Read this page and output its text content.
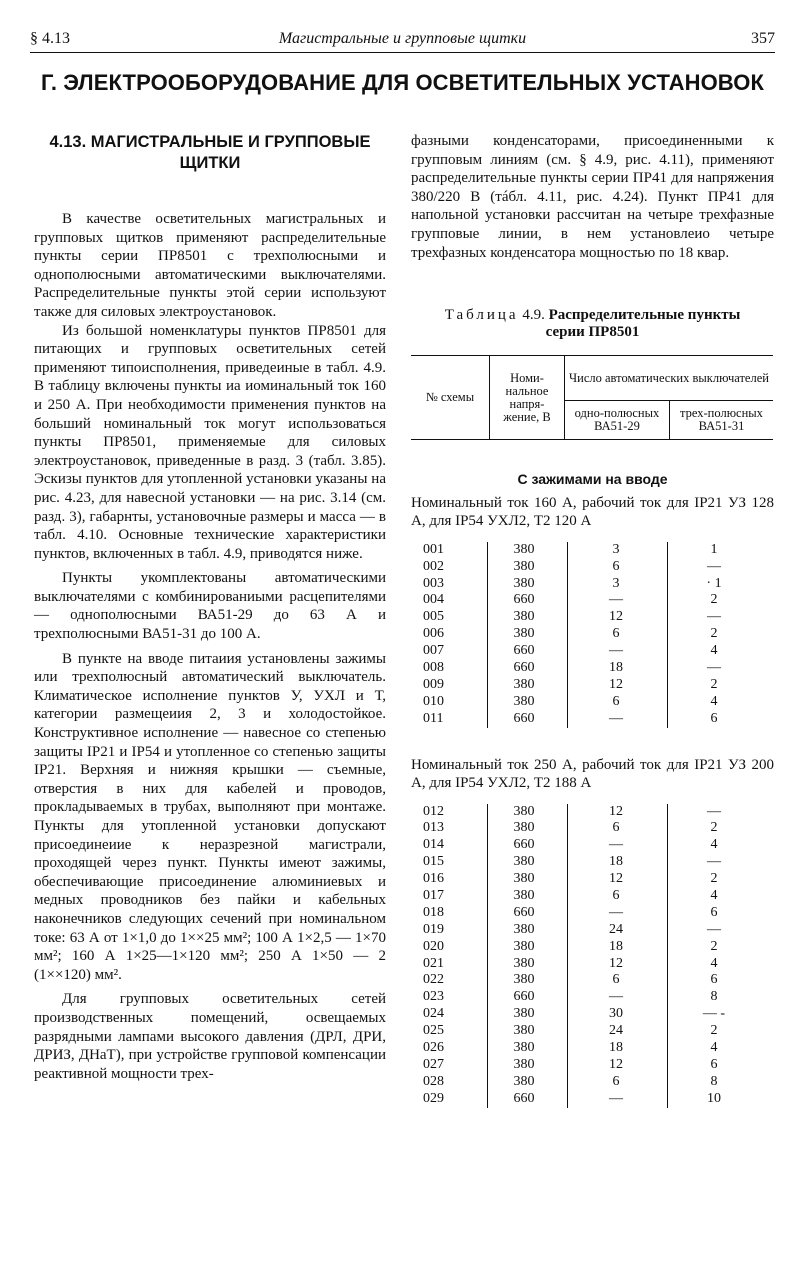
§ 4.13	Магистральные и групповые щитки	357
Г. ЭЛЕКТРООБОРУДОВАНИЕ ДЛЯ ОСВЕТИТЕЛЬНЫХ УСТАНОВОК
4.13. МАГИСТРАЛЬНЫЕ И ГРУППОВЫЕ
ЩИТКИ

В качестве осветительных магистральных и групповых щитков применяют распределительные пункты серии ПР8501 с трехполюсными и однополюсными автоматическими выключателями. Распределительные пункты этой серии используют также для силовых электроустановок.

Из большой номенклатуры пунктов ПР8501 для питающих и групповых осветительных сетей применяют типоисполнения, приведеиные в табл. 4.9. В таблицу включены пункты иа иоминальный ток 160 и 250 А. При необходимости применения пунктов на больший номинальный ток могут использоваться пункты ПР8501, применяемые для силовых электроустановок, приведенные в разд. 3 (табл. 3.85). Эскизы пунктов для утопленной установки указаны на рис. 4.23, для навесной установки — на рис. 3.14 (см. разд. 3), габарнты, установочные размеры и масса — в табл. 4.10. Основные технические характеристики пунктов, включенных в табл. 4.9, приводятся ниже.

Пункты укомплектованы автоматическими выключателями с комбинированиыми расцепителями — однополюсными ВА51-29 до 63 А и трехполюсными ВА51-31 до 100 А.

В пункте на вводе питаиия установлены зажимы или трехполюсный автоматический выключатель. Климатическое исполнение пунктов У, УХЛ и Т, категории размещеиия 2, 3 и холодостойкое. Конструктивное исполнение — навесное со степенью защиты IP21 и IP54 и утопленное со степенью защиты IP21. Верхняя и нижняя крышки — съемные, отверстия в них для кабелей и проводов, прокладываемых в трубах, выполняют при монтаже. Пункты для утопленной установки допускают присоединеиие к неразрезной магистрали, проходящей через пункт. Пункты имеют зажимы, обеспечивающие присоединение алюминиевых и медных проводников без пайки и кабельных наконечников следующих сечений при номинальном токе: 63 А от 1×1,0 до 1××25 мм²; 100 А 1×2,5 — 1×70 мм²; 160 А 1×25—1×120 мм²; 250 А 1×50 — 2 (1××120) мм².

Для групповых осветительных сетей производственных помещений, освещаемых разрядными лампами высокого давления (ДРЛ, ДРИ, ДРИЗ, ДНаТ), при устройстве групповой компенсации реактивной мощности трех-

фазными конденсаторами, присоединенными к групповым линиям (см. § 4.9, рис. 4.11), применяют распределительные пункты серии ПР41 для напряжения 380/220 В (тáбл. 4.11, рис. 4.24). Пункт ПР41 для напольной установки рассчитан на четыре трехфазные групповые линии, в нем установлеио четыре трехфазных конденсатора мощностью по 18 квар.

Таблица 4.9. Распределительные пункты
серии ПР8501
№ схемы	Номи-нальное напря-жение, В	Число автоматических выключателей	
		одно-полюсных ВА51-29	трех-полюсных ВА51-31
С зажимами на вводе
Номинальный ток 160 А, рабочий ток для IP21 УЗ 128 А, для IP54 УХЛ2, Т2 120 А
001	380	3	1
002	380	6	—
003	380	3	· 1
004	660	—	2
005	380	12	—
006	380	6	2
007	660	—	4
008	660	18	—
009	380	12	2
010	380	6	4
011	660	—	6
Номинальный ток 250 А, рабочий ток для IP21 УЗ 200 А, для IP54 УХЛ2, Т2 188 А
012	380	12	—
013	380	6	2
014	660	—	4
015	380	18	—
016	380	12	2
017	380	6	4
018	660	—	6
019	380	24	—
020	380	18	2
021	380	12	4
022	380	6	6
023	660	—	8
024	380	30	— -
025	380	24	2
026	380	18	4
027	380	12	6
028	380	6	8
029	660	—	10
